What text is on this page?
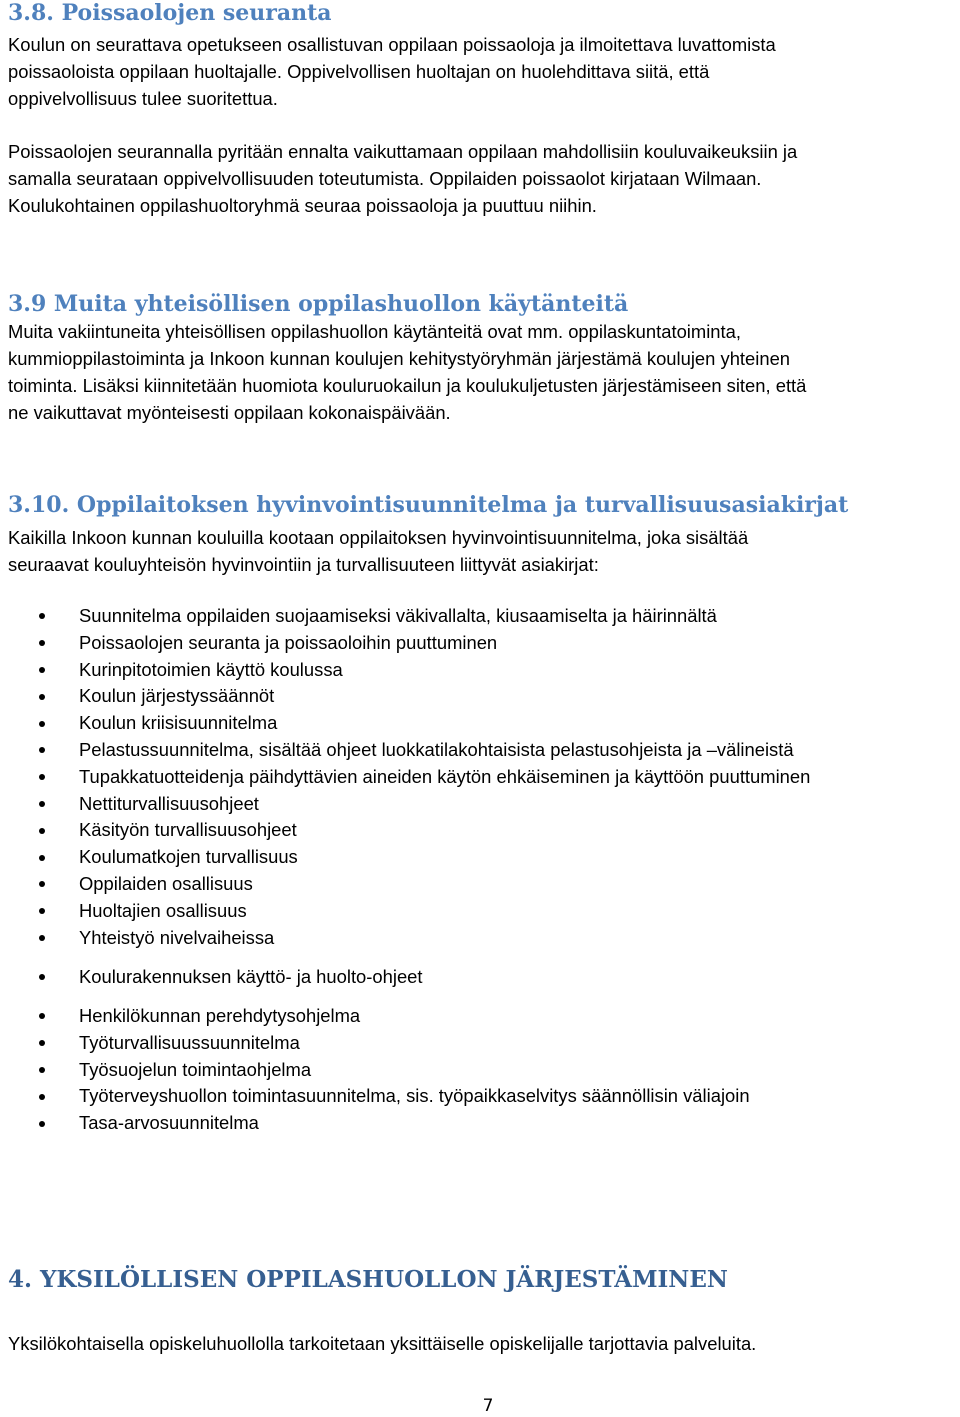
3.8. Poissaolojen seuranta

Koulun on seurattava opetukseen osallistuvan oppilaan poissaoloja ja ilmoitettava luvattomista
poissaoloista oppilaan huoltajalle. Oppivelvollisen huoltajan on huolehdittava siitä, että
oppivelvollisuus tulee suoritettua.

Poissaolojen seurannalla pyritään ennalta vaikuttamaan oppilaan mahdollisiin kouluvaikeuksiin ja
samalla seurataan oppivelvollisuuden toteutumista. Oppilaiden poissaolot kirjataan Wilmaan.
Koulukohtainen oppilashuoltoryhmä seuraa poissaoloja ja puuttuu niihin.

3.9 Muita yhteisöllisen oppilashuollon käytänteitä

Muita vakiintuneita yhteisöllisen oppilashuollon käytänteitä ovat mm. oppilaskuntatoiminta,
kummioppilastoiminta ja Inkoon kunnan koulujen kehitystyöryhmän järjestämä koulujen yhteinen
toiminta. Lisäksi kiinnitetään huomiota kouluruokailun ja koulukuljetusten järjestämiseen siten, että
ne vaikuttavat myönteisesti oppilaan kokonaispäivään.

3.10. Oppilaitoksen hyvinvointisuunnitelma ja turvallisuusasiakirjat

Kaikilla Inkoon kunnan kouluilla kootaan oppilaitoksen hyvinvointisuunnitelma, joka sisältää
seuraavat kouluyhteisön hyvinvointiin ja turvallisuuteen liittyvät asiakirjat:

Suunnitelma oppilaiden suojaamiseksi väkivallalta, kiusaamiselta ja häirinnältä
Poissaolojen seuranta ja poissaoloihin puuttuminen
Kurinpitotoimien käyttö koulussa
Koulun järjestyssäännöt
Koulun kriisisuunnitelma
Pelastussuunnitelma, sisältää ohjeet luokkatilakohtaisista pelastusohjeista ja –välineistä
Tupakkatuotteidenja päihdyttävien aineiden käytön ehkäiseminen ja käyttöön puuttuminen
Nettiturvallisuusohjeet
Käsityön turvallisuusohjeet
Koulumatkojen turvallisuus
Oppilaiden osallisuus
Huoltajien osallisuus
Yhteistyö nivelvaiheissa
Koulurakennuksen käyttö- ja huolto-ohjeet
Henkilökunnan perehdytysohjelma
Työturvallisuussuunnitelma
Työsuojelun toimintaohjelma
Työterveyshuollon toimintasuunnitelma, sis. työpaikkaselvitys säännöllisin väliajoin
Tasa-arvosuunnitelma
4. YKSILÖLLISEN OPPILASHUOLLON JÄRJESTÄMINEN

Yksilökohtaisella opiskeluhuollolla tarkoitetaan yksittäiselle opiskelijalle tarjottavia palveluita.

7
